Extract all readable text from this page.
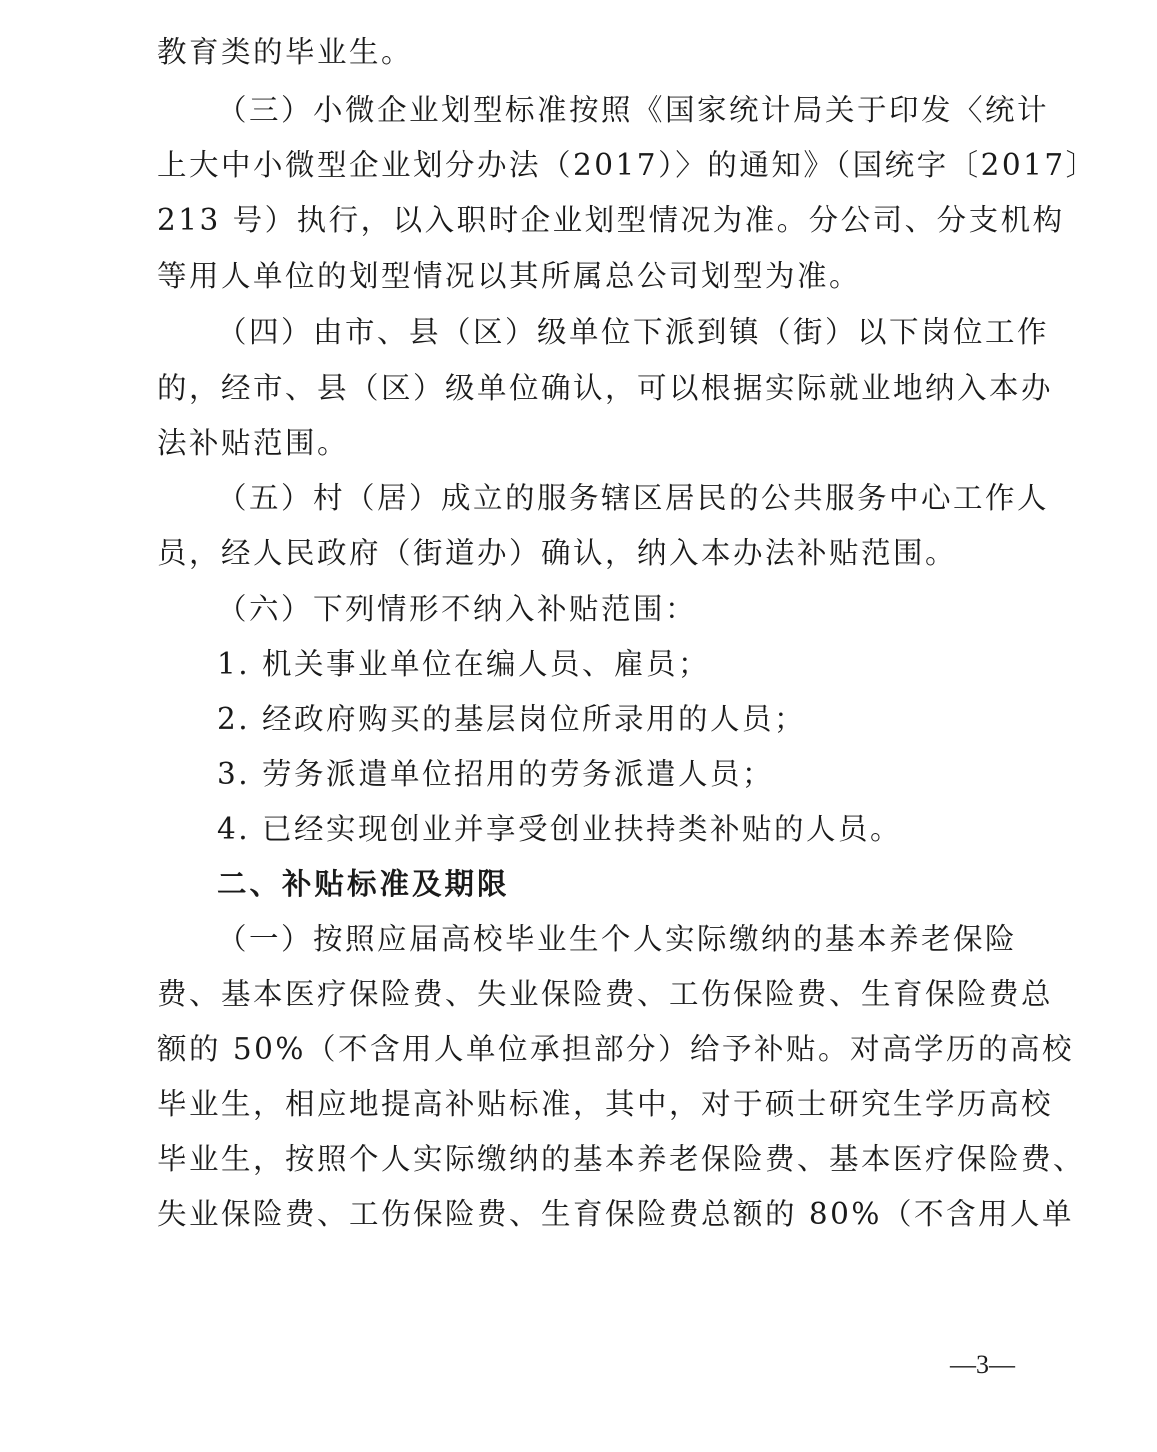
教育类的毕业生。
（三）小微企业划型标准按照《国家统计局关于印发〈统计
上大中小微型企业划分办法（2017）〉的通知》（国统字〔2017〕
213 号）执行，以入职时企业划型情况为准。分公司、分支机构
等用人单位的划型情况以其所属总公司划型为准。
（四）由市、县（区）级单位下派到镇（街）以下岗位工作
的，经市、县（区）级单位确认，可以根据实际就业地纳入本办
法补贴范围。
（五）村（居）成立的服务辖区居民的公共服务中心工作人
员，经人民政府（街道办）确认，纳入本办法补贴范围。
（六）下列情形不纳入补贴范围：
1. 机关事业单位在编人员、雇员；
2. 经政府购买的基层岗位所录用的人员；
3. 劳务派遣单位招用的劳务派遣人员；
4. 已经实现创业并享受创业扶持类补贴的人员。
二、补贴标准及期限
（一）按照应届高校毕业生个人实际缴纳的基本养老保险
费、基本医疗保险费、失业保险费、工伤保险费、生育保险费总
额的 50%（不含用人单位承担部分）给予补贴。对高学历的高校
毕业生，相应地提高补贴标准，其中，对于硕士研究生学历高校
毕业生，按照个人实际缴纳的基本养老保险费、基本医疗保险费、
失业保险费、工伤保险费、生育保险费总额的 80%（不含用人单
—3—
